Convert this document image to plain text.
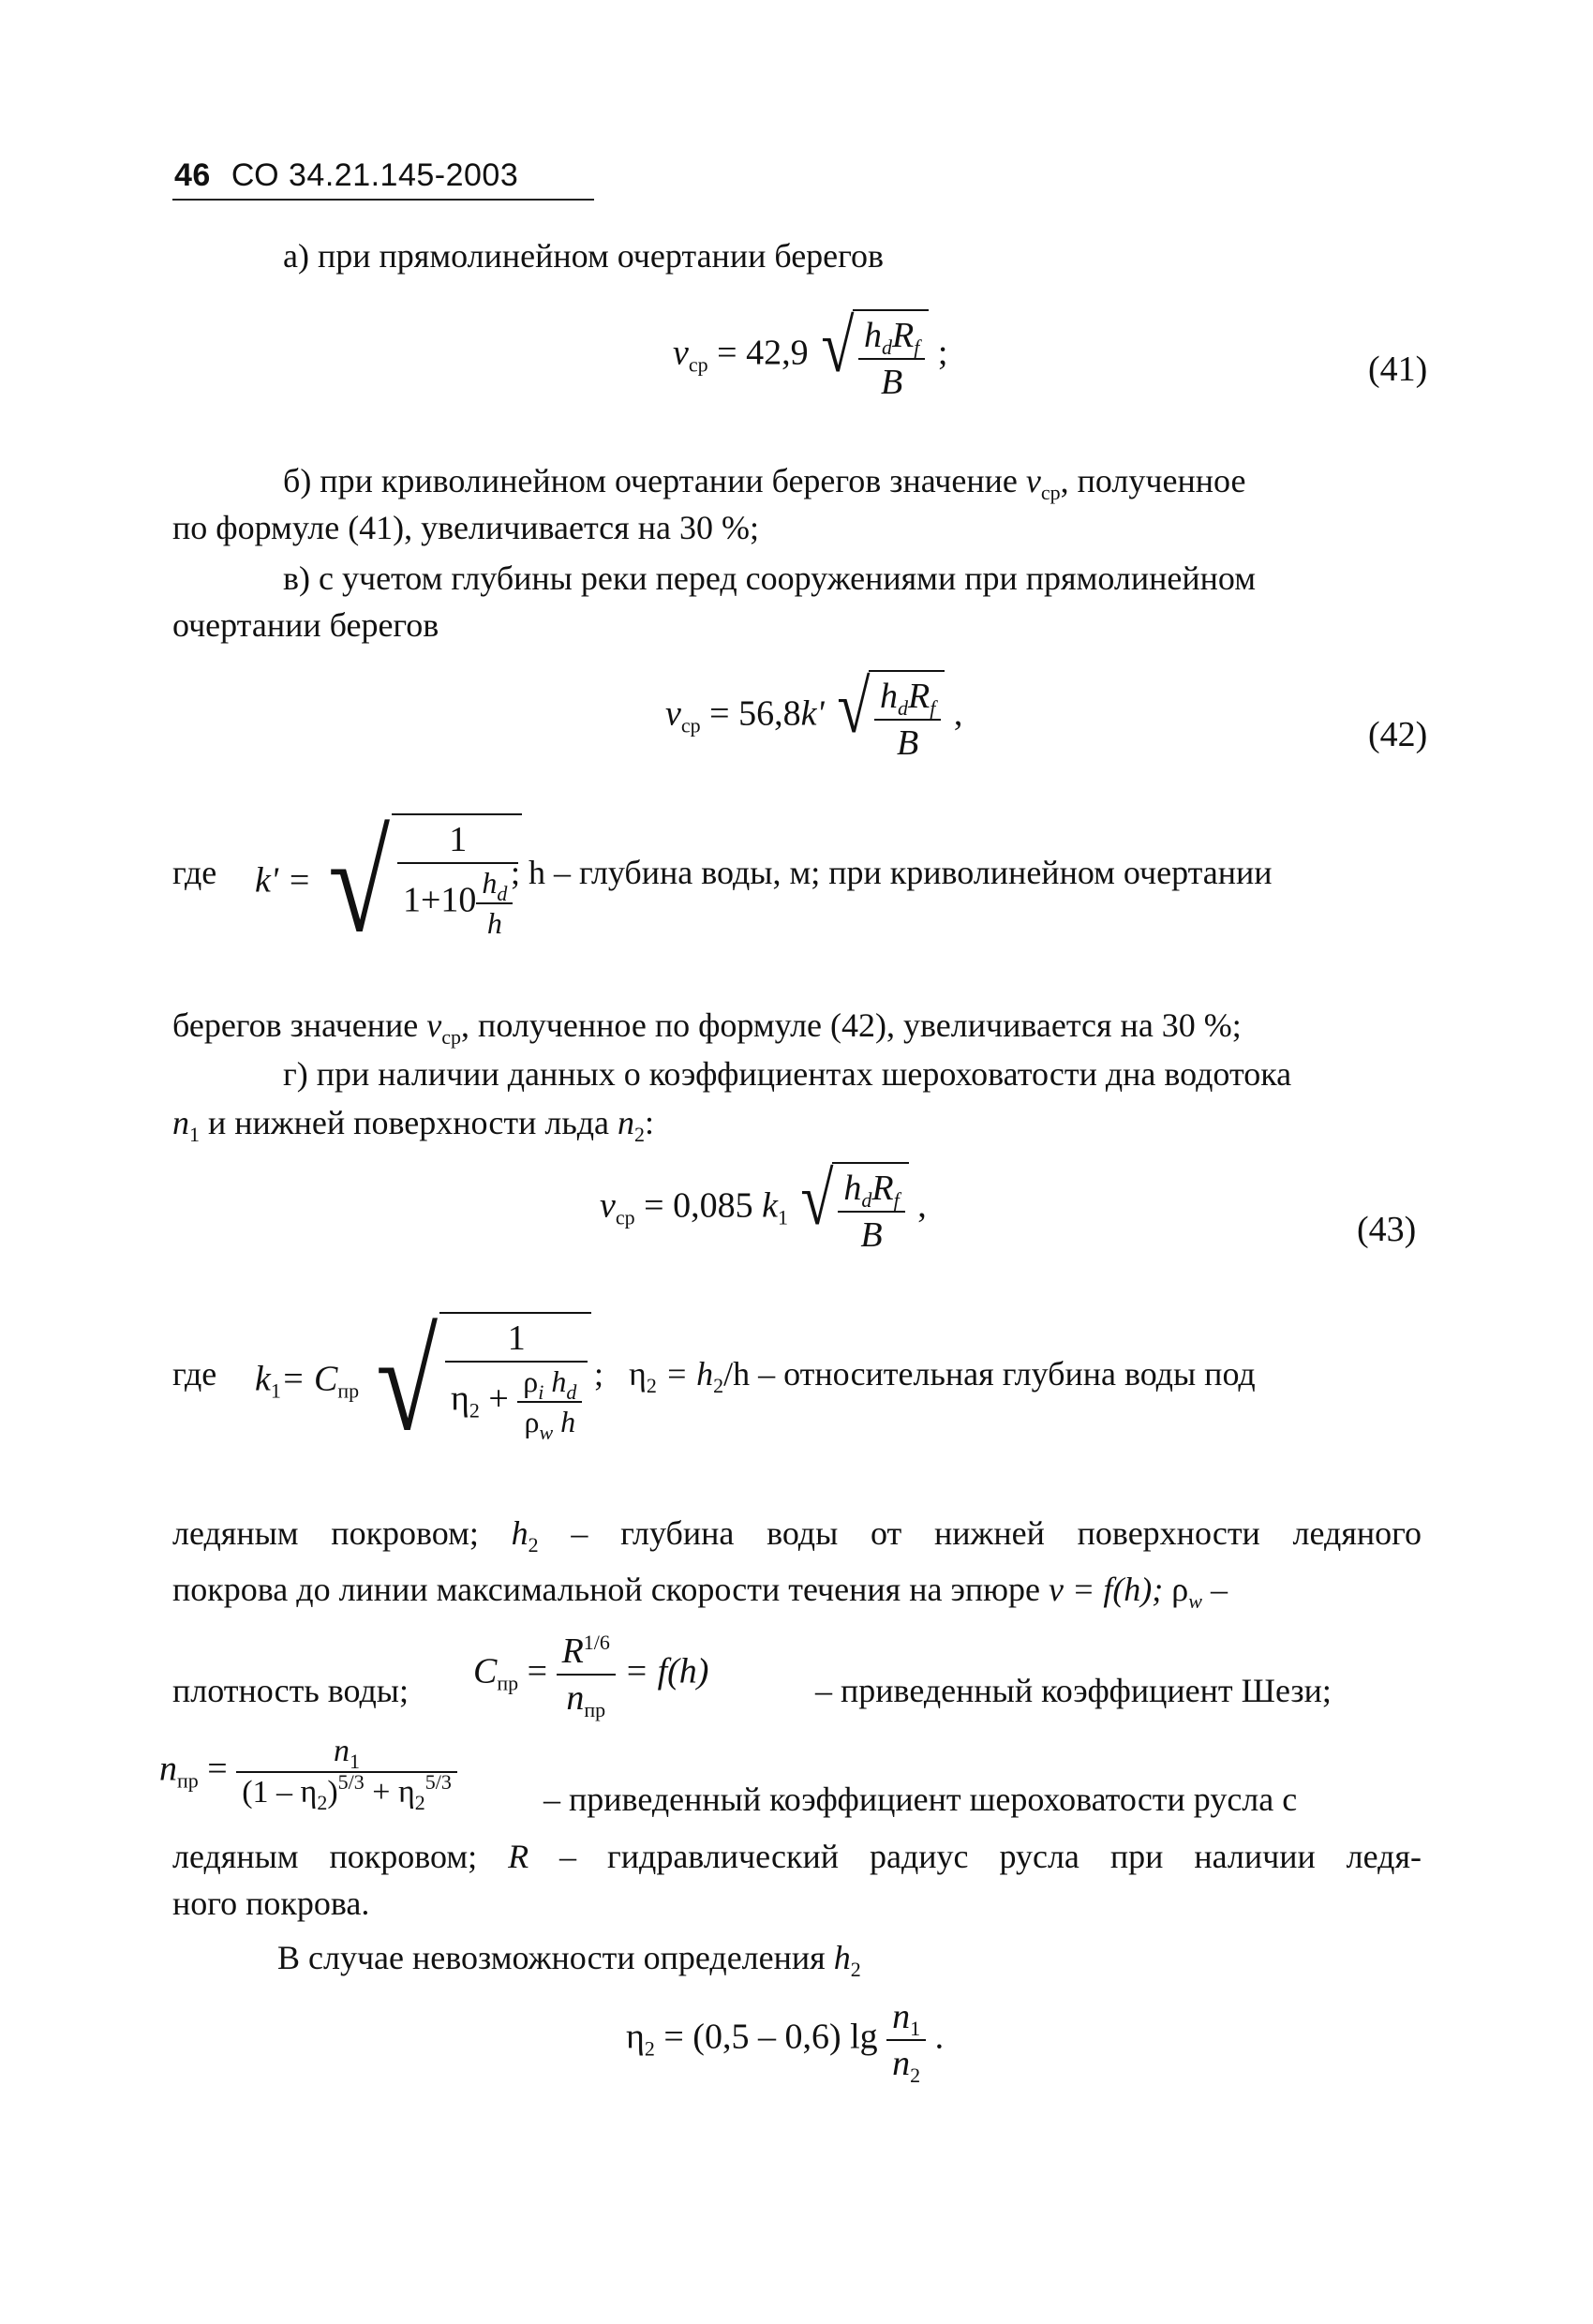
46 СО 34.21.145-2003
а) при прямолинейном очертании берегов
$v_{ср} = 42,9$ √ $\frac{h_dR_f}{B}$ ;	(41)
б) при криволинейном очертании берегов значение $v_{ср}$, полученное
по формуле (41), увеличивается на 30 %;
в) с учетом глубины реки перед сооружениями при прямолинейном
очертании берегов
$v_{ср} = 56,8k'$ √ $\frac{h_dR_f}{B}$ ,
(42)
где k' = √ $\frac{1}{1+10 \frac{h_d}{h}}$
; h – глубина воды, м; при криволинейном очертании
берегов значение $v_{ср}$, полученное по формуле (42), увеличивается на 30 %;
г) при наличии данных о коэффициентах шероховатости дна водотока
$n_1$ и нижней поверхности льда $n_2$:
$v_{ср} = 0,085$ $k_1$ √ $\frac{h_dR_f}{B}$ ,
(43)
где $k_1= C_{пр}$ √ $\frac{1}{\eta_2 + \frac{\rho_i h_d}{\rho_w h}}$ ; $\eta_2 = h_2/h$ – относительная глубина воды под
ледяным покровом; $h_2$ – глубина воды от нижней поверхности ледяного
покрова до линии максимальной скорости течения на эпюре v = f(h); $\rho_w$ –
плотность воды; $C_{пр} = \frac{R^{1/6}}{n_{пр}} = f(h)$	– приведенный коэффициент Шези;
$n_{пр} = \frac{n_1}{(1 - \eta_2)^{5/3} + \eta_2^{5/3}}$	– приведенный коэффициент шероховатости русла с
ледяным покровом; R – гидравлический радиус русла при наличии ледя-
ного покрова.
В случае невозможности определения $h_2$
$\eta_2 = (0,5 - 0,6)$ $\lg \frac{n_1}{n_2}$ .
